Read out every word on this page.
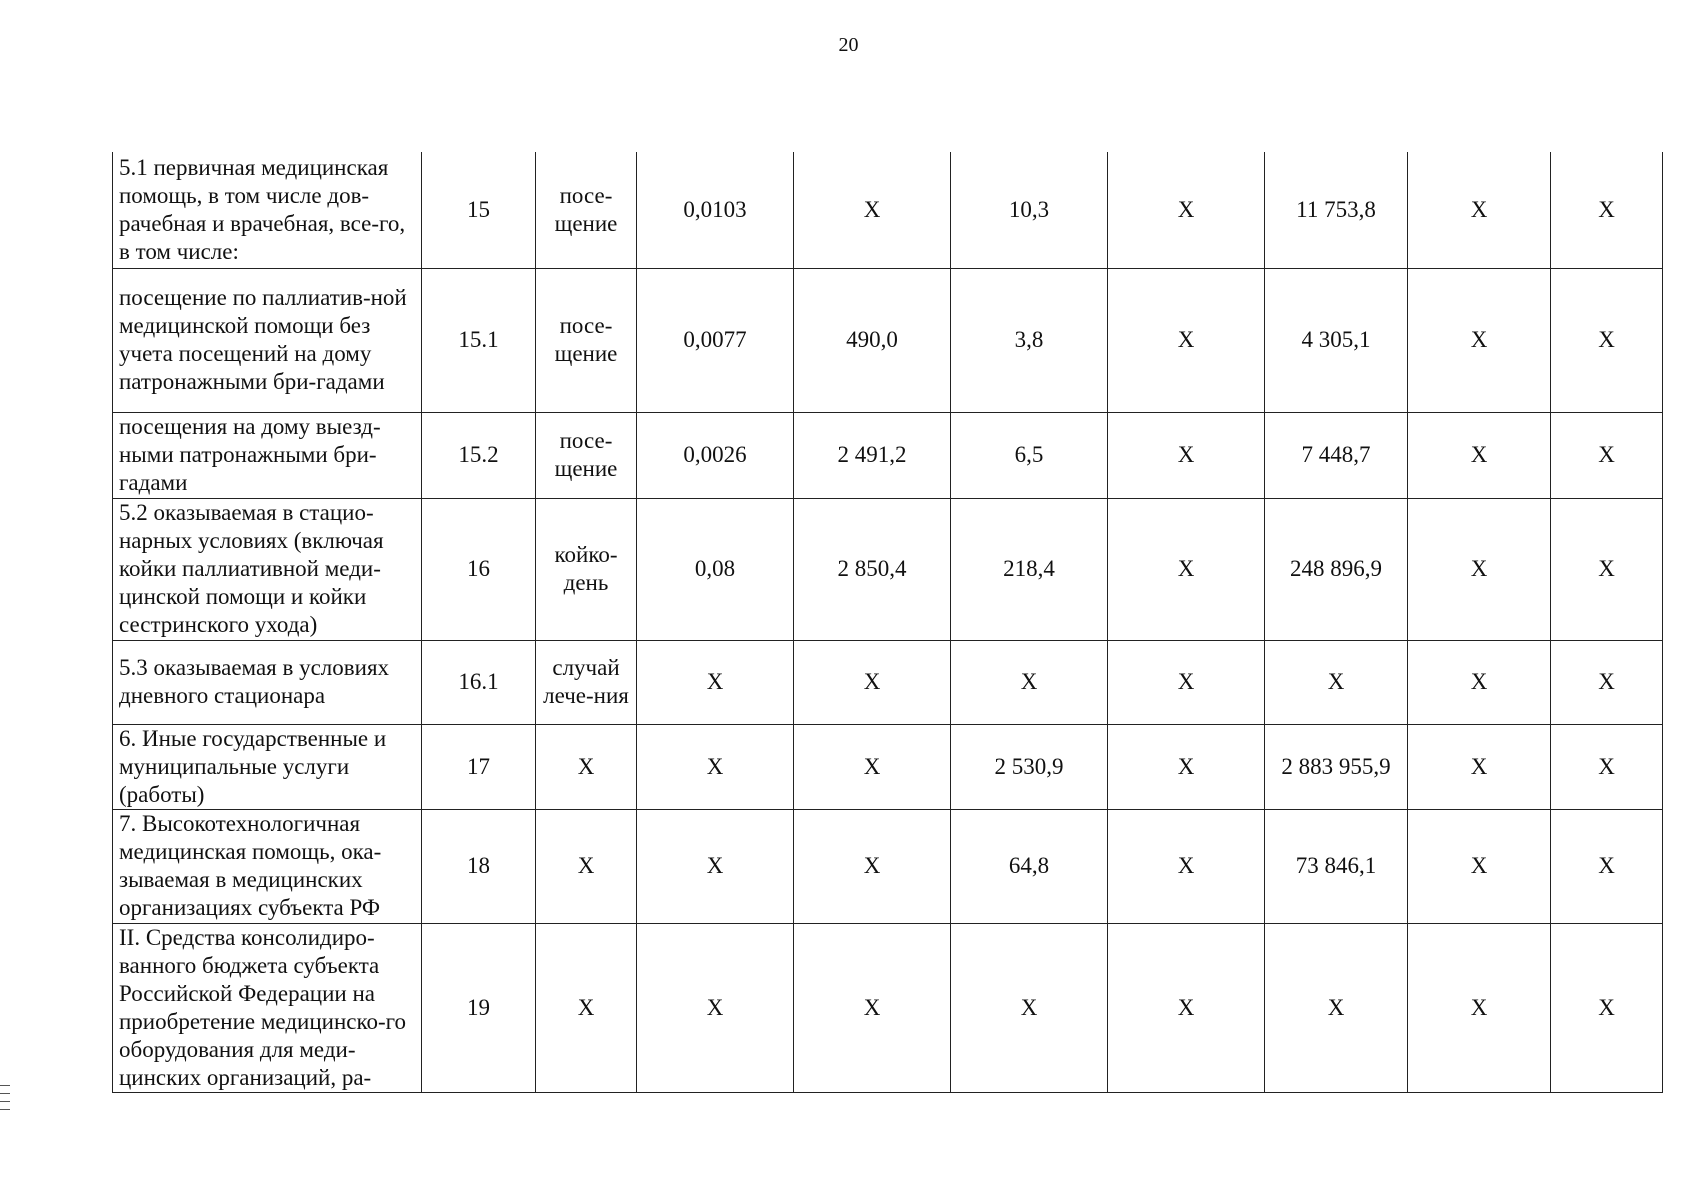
20
5.1 первичная медицинская помощь, в том числе дов-рачебная и врачебная, все-го, в том числе:	15	посе-щение	0,0103	Х	10,3	Х	11 753,8	Х	Х
посещение по паллиатив-ной медицинской помощи без учета посещений на дому патронажными бри-гадами	15.1	посе-щение	0,0077	490,0	3,8	Х	4 305,1	Х	Х
посещения на дому выезд-ными патронажными бри-гадами	15.2	посе-щение	0,0026	2 491,2	6,5	Х	7 448,7	Х	Х
5.2 оказываемая в стацио-нарных условиях (включая койки паллиативной меди-цинской помощи и койки сестринского ухода)	16	койко-день	0,08	2 850,4	218,4	Х	248 896,9	Х	Х
5.3 оказываемая в условиях дневного стационара	16.1	случай лече-ния	Х	Х	Х	Х	Х	Х	Х
6. Иные государственные и муниципальные услуги (работы)	17	Х	Х	Х	2 530,9	Х	2 883 955,9	Х	Х
7. Высокотехнологичная медицинская помощь, ока-зываемая в медицинских организациях субъекта РФ	18	Х	Х	Х	64,8	Х	73 846,1	Х	Х
II. Средства консолидиро-ванного бюджета субъекта Российской Федерации на приобретение медицинско-го оборудования для меди-цинских организаций, ра-	19	Х	Х	Х	Х	Х	Х	Х	Х
